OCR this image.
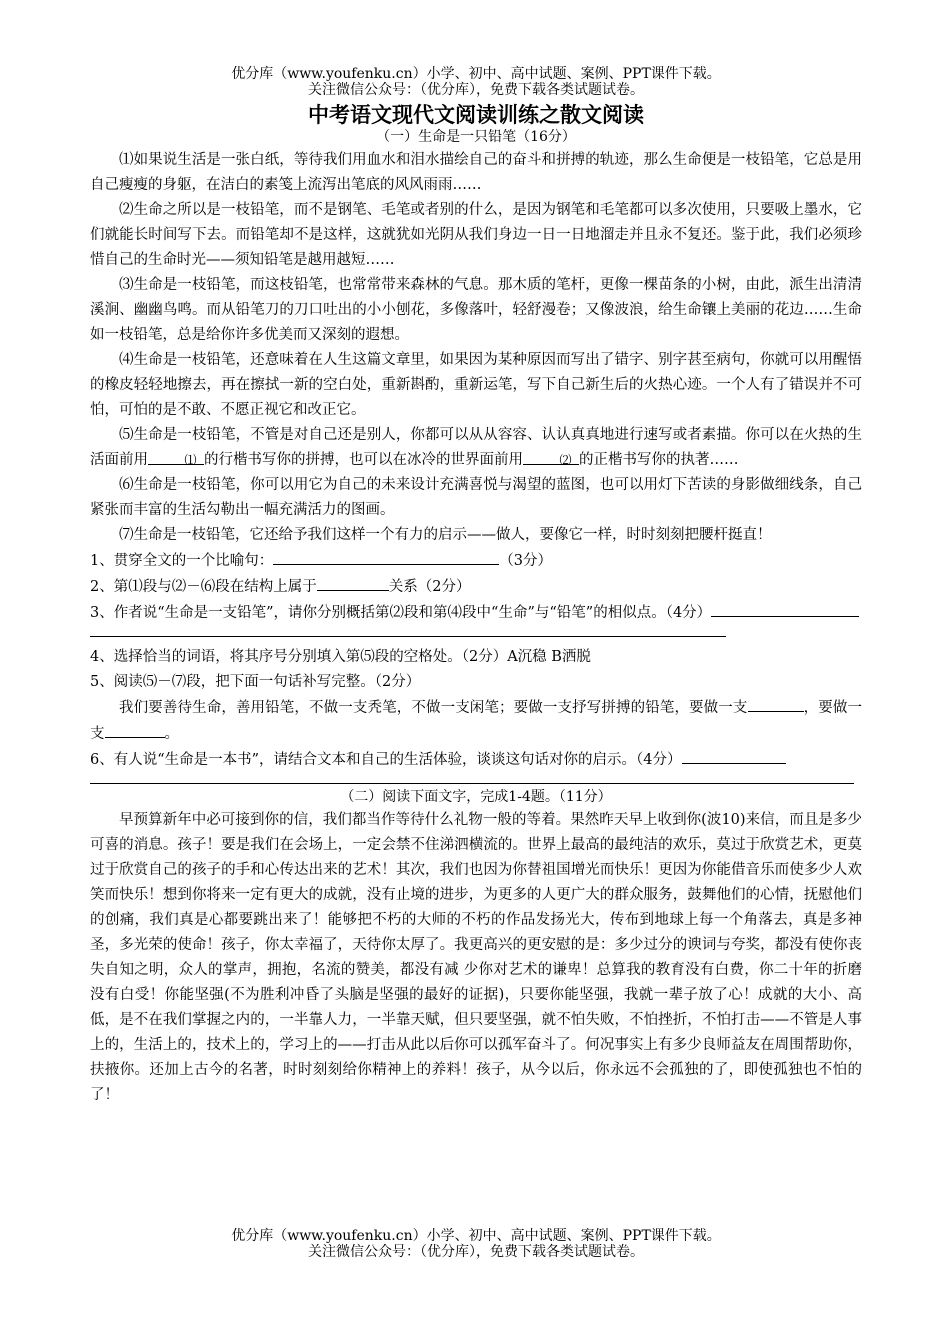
优分库（www.youfenku.cn）小学、初中、高中试题、案例、PPT课件下载。
关注微信公众号：（优分库），免费下载各类试题试卷。
中考语文现代文阅读训练之散文阅读
（一）生命是一只铅笔（16分）

⑴如果说生活是一张白纸，等待我们用血水和泪水描绘自己的奋斗和拼搏的轨迹，那么生命便是一枝铅笔，它总是用自己瘦瘦的身躯，在洁白的素笺上流泻出笔底的风风雨雨……

⑵生命之所以是一枝铅笔，而不是钢笔、毛笔或者别的什么，是因为钢笔和毛笔都可以多次使用，只要吸上墨水，它们就能长时间写下去。而铅笔却不是这样，这就犹如光阴从我们身边一日一日地溜走并且永不复还。鉴于此，我们必须珍惜自己的生命时光——须知铅笔是越用越短……

⑶生命是一枝铅笔，而这枝铅笔，也常常带来森林的气息。那木质的笔杆，更像一棵苗条的小树，由此，派生出清清溪涧、幽幽鸟鸣。而从铅笔刀的刀口吐出的小小刨花，多像落叶，轻舒漫卷；又像波浪，给生命镶上美丽的花边……生命如一枝铅笔，总是给你许多优美而又深刻的遐想。

⑷生命是一枝铅笔，还意味着在人生这篇文章里，如果因为某种原因而写出了错字、别字甚至病句，你就可以用醒悟的橡皮轻轻地擦去，再在擦拭一新的空白处，重新斟酌，重新运笔，写下自己新生后的火热心迹。一个人有了错误并不可怕，可怕的是不敢、不愿正视它和改正它。

⑸生命是一枝铅笔，不管是对自己还是别人，你都可以从从容容、认认真真地进行速写或者素描。你可以在火热的生活面前用	⑴ 的行楷书写你的拼搏，也可以在冰冷的世界面前用	⑵ 的正楷书写你的执著……

⑹生命是一枝铅笔，你可以用它为自己的未来设计充满喜悦与渴望的蓝图，也可以用灯下苦读的身影做细线条，自己紧张而丰富的生活勾勒出一幅充满活力的图画。

⑺生命是一枝铅笔，它还给予我们这样一个有力的启示——做人，要像它一样，时时刻刻把腰杆挺直！

1、贯穿全文的一个比喻句：	（3分）

2、第⑴段与⑵－⑹段在结构上属于	关系（2分）

3、作者说“生命是一支铅笔”，请你分别概括第⑵段和第⑷段中“生命”与“铅笔”的相似点。（4分）

4、选择恰当的词语，将其序号分别填入第⑸段的空格处。（2分）A沉稳 B洒脱

5、阅读⑸－⑺段，把下面一句话补写完整。（2分）

我们要善待生命，善用铅笔，不做一支秃笔，不做一支闲笔；要做一支抒写拼搏的铅笔，要做一支	，要做一支	。

6、有人说“生命是一本书”，请结合文本和自己的生活体验，谈谈这句话对你的启示。（4分）

（二）阅读下面文字，完成1-4题。（11分）

早预算新年中必可接到你的信，我们都当作等待什么礼物一般的等着。果然昨天早上收到你(波10)来信，而且是多少可喜的消息。孩子！要是我们在会场上，一定会禁不住涕泗横流的。世界上最高的最纯洁的欢乐，莫过于欣赏艺术，更莫过于欣赏自己的孩子的手和心传达出来的艺术！其次，我们也因为你替祖国增光而快乐！更因为你能借音乐而使多少人欢笑而快乐！想到你将来一定有更大的成就，没有止境的进步，为更多的人更广大的群众服务，鼓舞他们的心情，抚慰他们的创痛，我们真是心都要跳出来了！能够把不朽的大师的不朽的作品发扬光大，传布到地球上每一个角落去，真是多神圣，多光荣的使命！孩子，你太幸福了，天待你太厚了。我更高兴的更安慰的是：多少过分的谀词与夸奖，都没有使你丧失自知之明，众人的掌声，拥抱，名流的赞美，都没有减 少你对艺术的谦卑！总算我的教育没有白费，你二十年的折磨没有白受！你能坚强(不为胜利冲昏了头脑是坚强的最好的证据)，只要你能坚强，我就一辈子放了心！成就的大小、高低，是不在我们掌握之内的，一半靠人力，一半靠天赋，但只要坚强，就不怕失败，不怕挫折，不怕打击——不管是人事上的，生活上的，技术上的，学习上的——打击从此以后你可以孤军奋斗了。何况事实上有多少良师益友在周围帮助你，扶掖你。还加上古今的名著，时时刻刻给你精神上的养料！孩子，从今以后，你永远不会孤独的了，即使孤独也不怕的了！

优分库（www.youfenku.cn）小学、初中、高中试题、案例、PPT课件下载。
关注微信公众号：（优分库），免费下载各类试题试卷。
